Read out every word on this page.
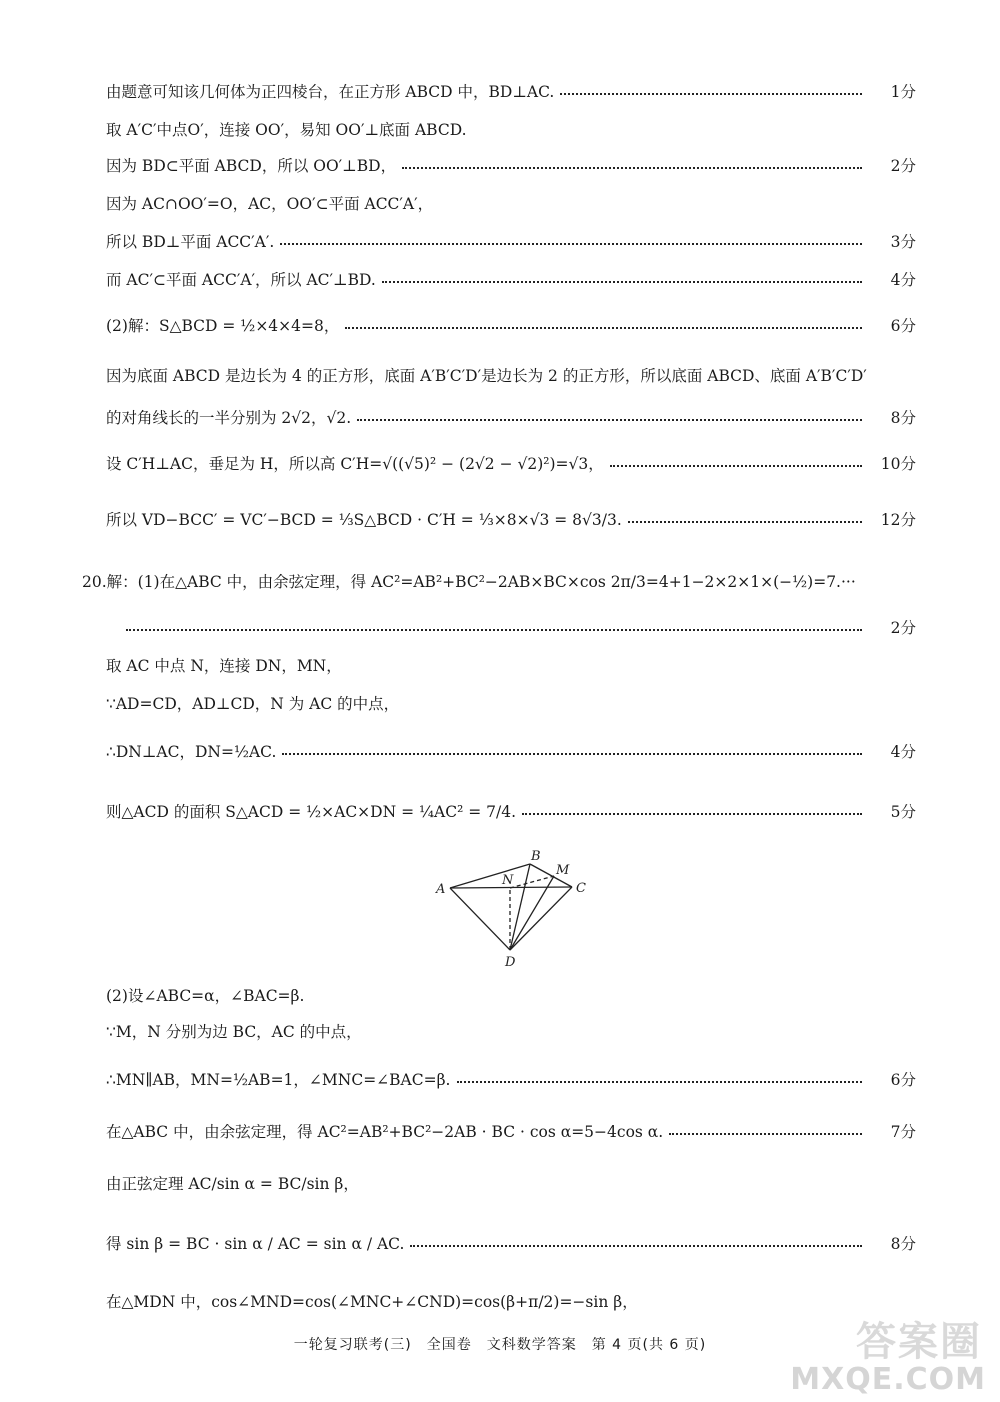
由题意可知该几何体为正四棱台，在正方形 ABCD 中，BD⊥AC.	1分
取 A′C′中点O′，连接 OO′，易知 OO′⊥底面 ABCD.
因为 BD⊂平面 ABCD，所以 OO′⊥BD，	2分
因为 AC∩OO′=O，AC，OO′⊂平面 ACC′A′，
所以 BD⊥平面 ACC′A′.	3分
而 AC′⊂平面 ACC′A′，所以 AC′⊥BD.	4分
(2)解：S△BCD = ½×4×4=8，	6分
因为底面 ABCD 是边长为 4 的正方形，底面 A′B′C′D′是边长为 2 的正方形，所以底面 ABCD、底面 A′B′C′D′
的对角线长的一半分别为 2√2，√2.	8分
设 C′H⊥AC，垂足为 H，所以高 C′H=√((√5)² − (2√2 − √2)²)=√3，	10分
所以 VD−BCC′ = VC′−BCD = ⅓S△BCD · C′H = ⅓×8×√3 = 8√3/3.	12分
20.解：(1)在△ABC 中，由余弦定理，得 AC²=AB²+BC²−2AB×BC×cos 2π/3=4+1−2×2×1×(−½)=7.···
2分
取 AC 中点 N，连接 DN，MN，
∵AD=CD，AD⊥CD，N 为 AC 的中点，
∴DN⊥AC，DN=½AC.	4分
则△ACD 的面积 S△ACD = ½×AC×DN = ¼AC² = 7/4.	5分
A
B
M
C
N
D
(2)设∠ABC=α，∠BAC=β.
∵M，N 分别为边 BC，AC 的中点，
∴MN∥AB，MN=½AB=1，∠MNC=∠BAC=β.	6分
在△ABC 中，由余弦定理，得 AC²=AB²+BC²−2AB · BC · cos α=5−4cos α.	7分
由正弦定理 AC/sin α = BC/sin β，
得 sin β = BC · sin α / AC = sin α / AC.	8分
在△MDN 中，cos∠MND=cos(∠MNC+∠CND)=cos(β+π/2)=−sin β，
一轮复习联考(三)　全国卷　文科数学答案　第 4 页(共 6 页)	答案圈
MXQE.COM
